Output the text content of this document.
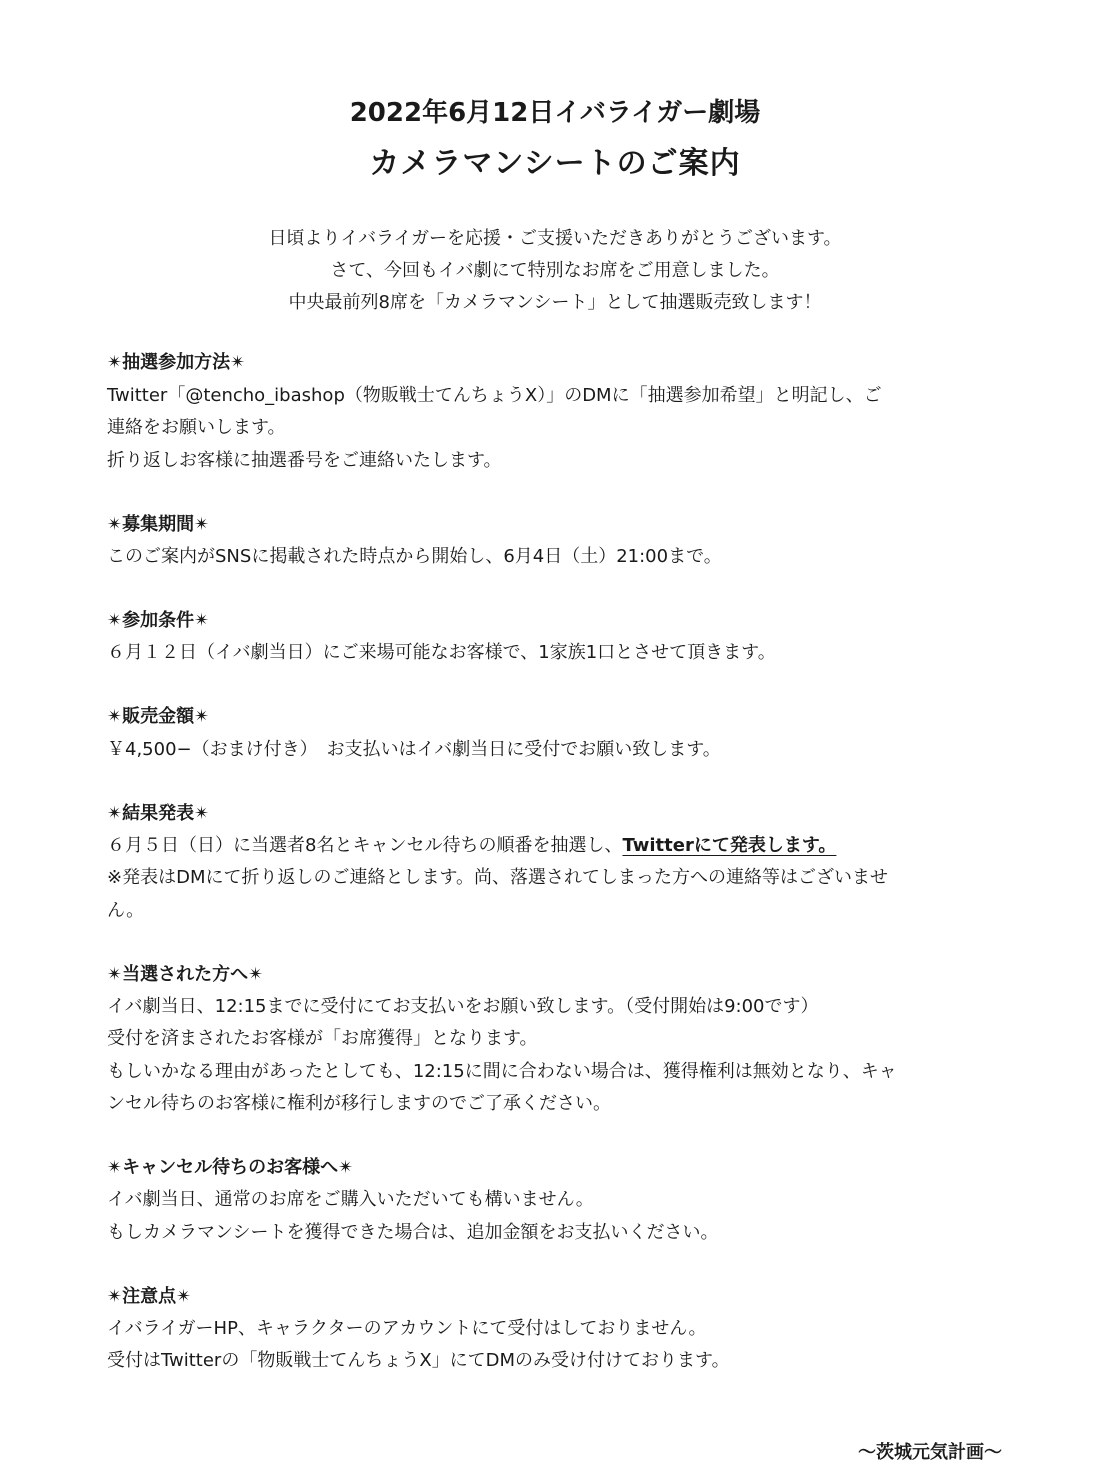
2022年6月12日イバライガー劇場
カメラマンシートのご案内
日頃よりイバライガーを応援・ご支援いただきありがとうございます。
さて、今回もイバ劇にて特別なお席をご用意しました。
中央最前列8席を「カメラマンシート」として抽選販売致します！
✴︎抽選参加方法✴︎
Twitter「@tencho_ibashop（物販戦士てんちょうX）」のDMに「抽選参加希望」と明記し、ご
連絡をお願いします。
折り返しお客様に抽選番号をご連絡いたします。
✴︎募集期間✴︎
このご案内がSNSに掲載された時点から開始し、6月4日（土）21:00まで。
✴︎参加条件✴︎
６月１２日（イバ劇当日）にご来場可能なお客様で、1家族1口とさせて頂きます。
✴︎販売金額✴︎
￥4,500−（おまけ付き）　お支払いはイバ劇当日に受付でお願い致します。
✴︎結果発表✴︎
６月５日（日）に当選者8名とキャンセル待ちの順番を抽選し、Twitterにて発表します。
※発表はDMにて折り返しのご連絡とします。尚、落選されてしまった方への連絡等はございませ
ん。
✴︎当選された方へ✴︎
イバ劇当日、12:15までに受付にてお支払いをお願い致します。（受付開始は9:00です）
受付を済まされたお客様が「お席獲得」となります。
もしいかなる理由があったとしても、12:15に間に合わない場合は、獲得権利は無効となり、キャ
ンセル待ちのお客様に権利が移行しますのでご了承ください。
✴︎キャンセル待ちのお客様へ✴︎
イバ劇当日、通常のお席をご購入いただいても構いません。
もしカメラマンシートを獲得できた場合は、追加金額をお支払いください。
✴︎注意点✴︎
イバライガーHP、キャラクターのアカウントにて受付はしておりません。
受付はTwitterの「物販戦士てんちょうX」にてDMのみ受け付けております。
〜茨城元気計画〜
